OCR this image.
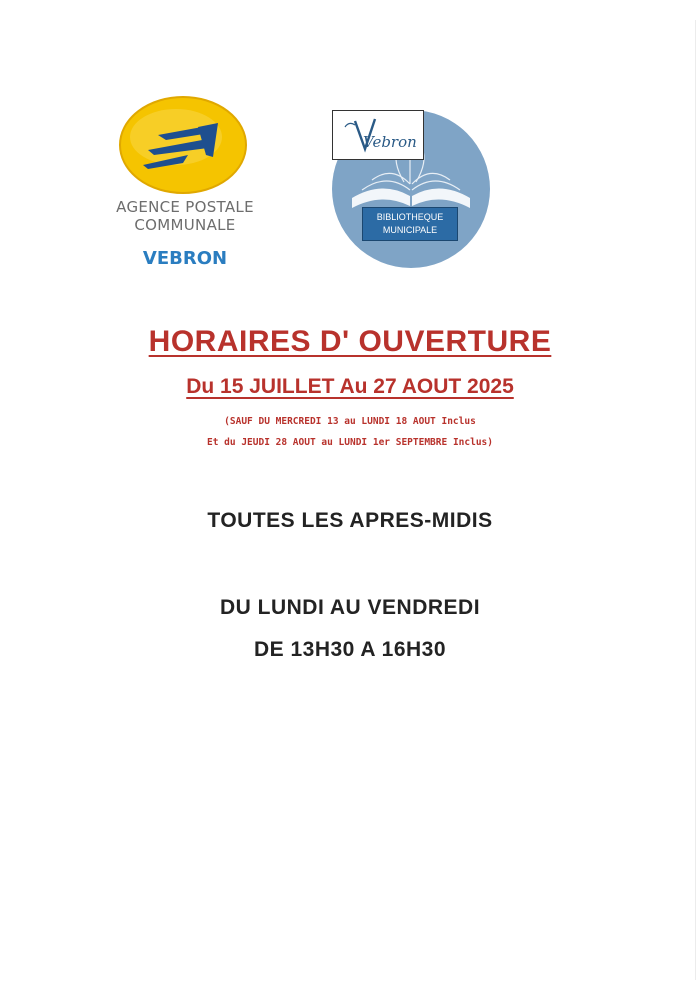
AGENCE POSTALE
COMMUNALE
VEBRON
Vebron
BIBLIOTHEQUE
MUNICIPALE
HORAIRES D' OUVERTURE
Du 15 JUILLET Au 27 AOUT 2025
(SAUF DU MERCREDI 13 au LUNDI 18 AOUT Inclus
Et du JEUDI 28 AOUT au LUNDI 1er SEPTEMBRE Inclus)
TOUTES LES APRES-MIDIS
DU LUNDI AU VENDREDI
DE 13H30 A 16H30
